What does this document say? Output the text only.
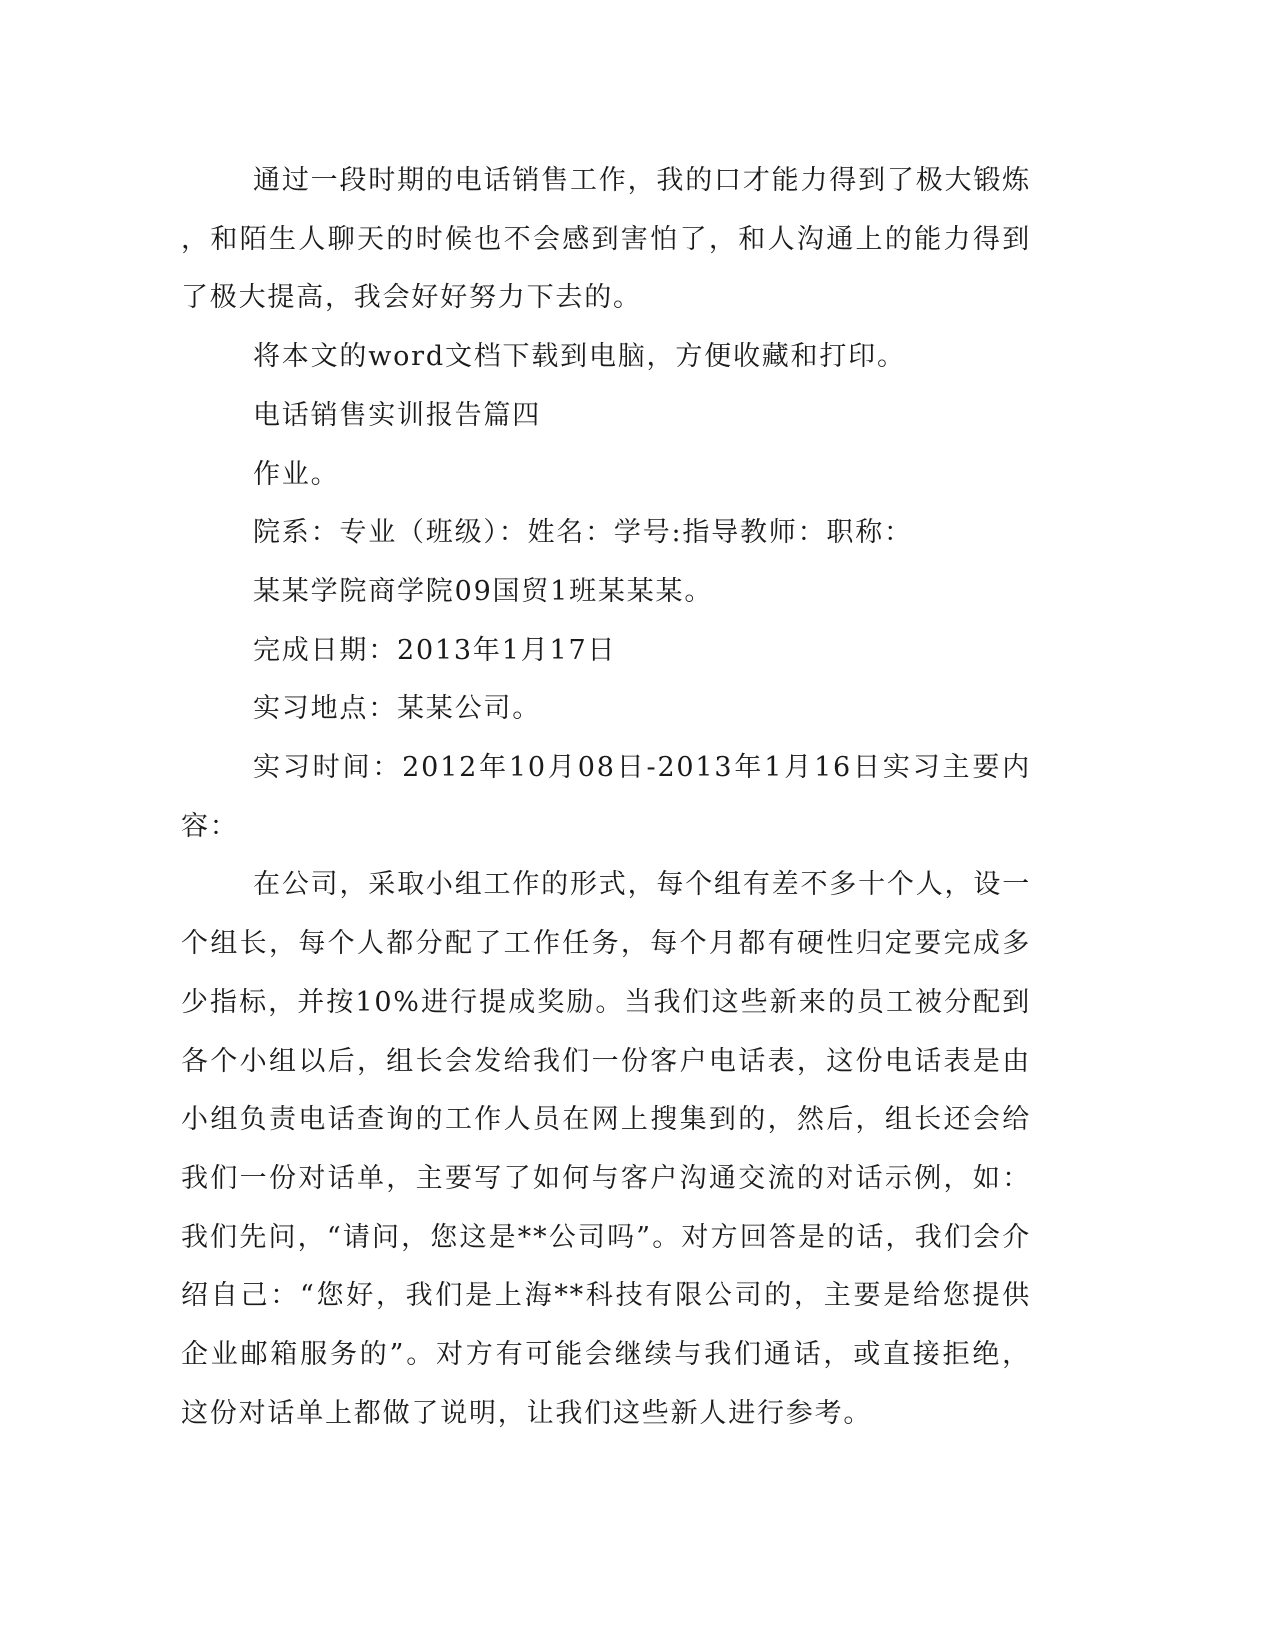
通过一段时期的电话销售工作，我的口才能力得到了极大锻炼，和陌生人聊天的时候也不会感到害怕了，和人沟通上的能力得到了极大提高，我会好好努力下去的。

将本文的word文档下载到电脑，方便收藏和打印。

电话销售实训报告篇四

作业。

院系：专业（班级）：姓名：学号:指导教师：职称：

某某学院商学院09国贸1班某某某。

完成日期：2013年1月17日

实习地点：某某公司。

实习时间：2012年10月08日-2013年1月16日实习主要内容：

在公司，采取小组工作的形式，每个组有差不多十个人，设一个组长，每个人都分配了工作任务，每个月都有硬性归定要完成多少指标，并按10%进行提成奖励。当我们这些新来的员工被分配到各个小组以后，组长会发给我们一份客户电话表，这份电话表是由小组负责电话查询的工作人员在网上搜集到的，然后，组长还会给我们一份对话单，主要写了如何与客户沟通交流的对话示例，如：我们先问，“请问，您这是**公司吗”。对方回答是的话，我们会介绍自己：“您好，我们是上海**科技有限公司的，主要是给您提供企业邮箱服务的”。对方有可能会继续与我们通话，或直接拒绝，这份对话单上都做了说明，让我们这些新人进行参考。
